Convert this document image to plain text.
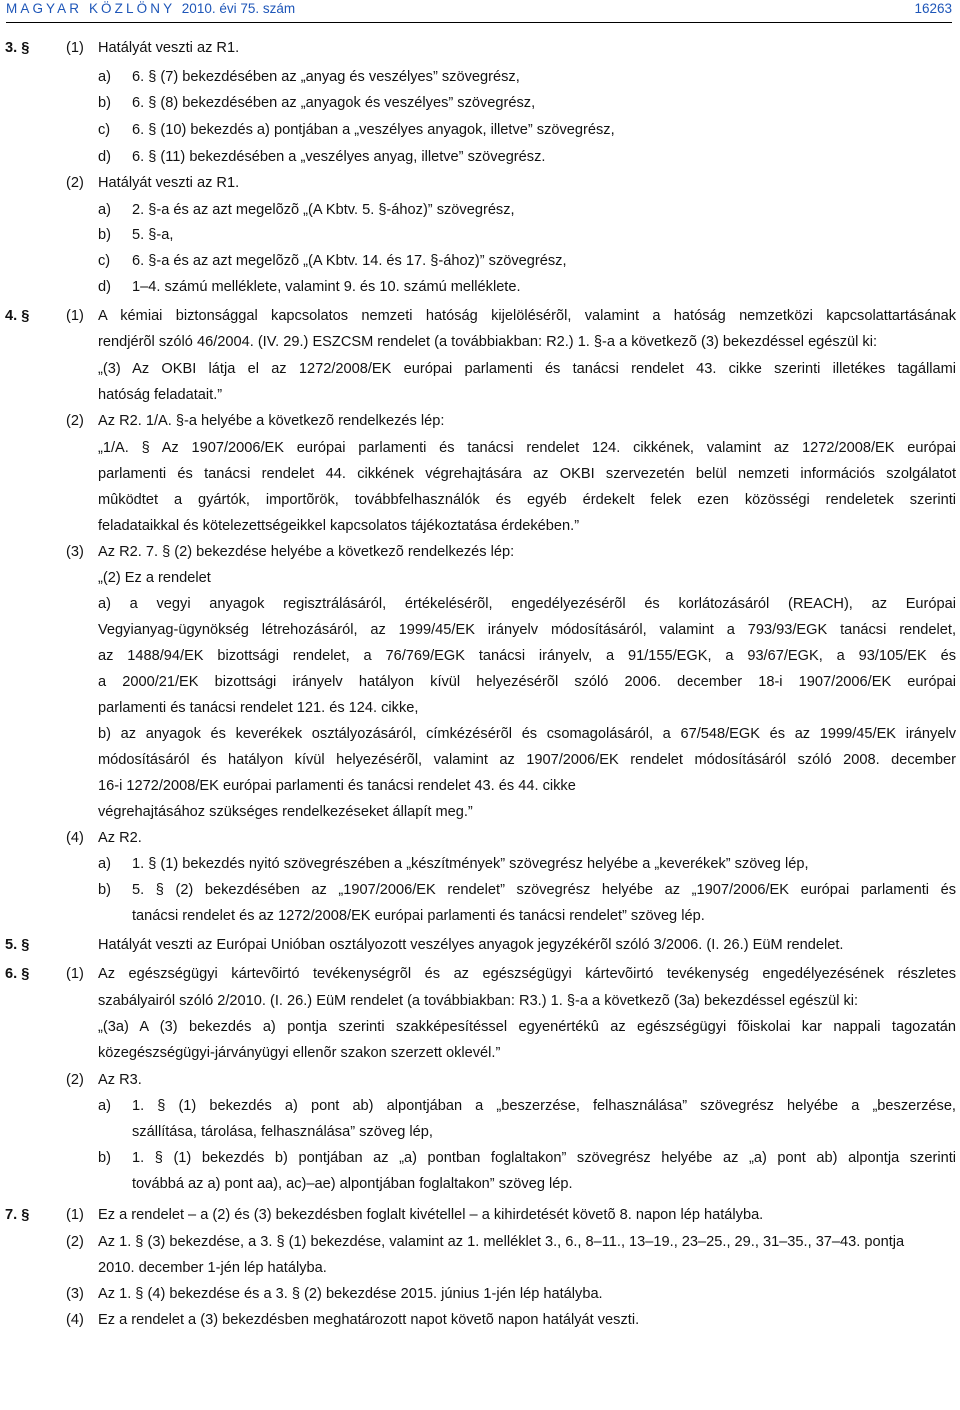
MAGYAR KÖZLÖNY 2010. évi 75. szám	16263
3. §	(1) Hatályát veszti az R1.
a) 6. § (7) bekezdésében az „anyag és veszélyes” szövegrész,
b) 6. § (8) bekezdésében az „anyagok és veszélyes” szövegrész,
c) 6. § (10) bekezdés a) pontjában a „veszélyes anyagok, illetve” szövegrész,
d) 6. § (11) bekezdésében a „veszélyes anyag, illetve” szövegrész.
(2) Hatályát veszti az R1.
a) 2. §-a és az azt megelõzõ „(A Kbtv. 5. §-ához)” szövegrész,
b) 5. §-a,
c) 6. §-a és az azt megelõzõ „(A Kbtv. 14. és 17. §-ához)” szövegrész,
d) 1–4. számú melléklete, valamint 9. és 10. számú melléklete.
4. §	(1) A kémiai biztonsággal kapcsolatos nemzeti hatóság kijelölésérõl, valamint a hatóság nemzetközi kapcsolattartásának
rendjérõl szóló 46/2004. (IV. 29.) ESZCSM rendelet (a továbbiakban: R2.) 1. §-a a következõ (3) bekezdéssel egészül ki:
„(3) Az OKBI látja el az 1272/2008/EK európai parlamenti és tanácsi rendelet 43. cikke szerinti illetékes tagállami
hatóság feladatait.”
(2) Az R2. 1/A. §-a helyébe a következõ rendelkezés lép:
„1/A. § Az 1907/2006/EK európai parlamenti és tanácsi rendelet 124. cikkének, valamint az 1272/2008/EK európai
parlamenti és tanácsi rendelet 44. cikkének végrehajtására az OKBI szervezetén belül nemzeti információs szolgálatot
mûködtet a gyártók, importõrök, továbbfelhasználók és egyéb érdekelt felek ezen közösségi rendeletek szerinti
feladataikkal és kötelezettségeikkel kapcsolatos tájékoztatása érdekében.”
(3) Az R2. 7. § (2) bekezdése helyébe a következõ rendelkezés lép:
„(2) Ez a rendelet
a) a vegyi anyagok regisztrálásáról, értékelésérõl, engedélyezésérõl és korlátozásáról (REACH), az Európai
Vegyianyag-ügynökség létrehozásáról, az 1999/45/EK irányelv módosításáról, valamint a 793/93/EGK tanácsi rendelet,
az 1488/94/EK bizottsági rendelet, a 76/769/EGK tanácsi irányelv, a 91/155/EGK, a 93/67/EGK, a 93/105/EK és
a 2000/21/EK bizottsági irányelv hatályon kívül helyezésérõl szóló 2006. december 18-i 1907/2006/EK európai
parlamenti és tanácsi rendelet 121. és 124. cikke,
b) az anyagok és keverékek osztályozásáról, címkézésérõl és csomagolásáról, a 67/548/EGK és az 1999/45/EK irányelv
módosításáról és hatályon kívül helyezésérõl, valamint az 1907/2006/EK rendelet módosításáról szóló 2008. december
16-i 1272/2008/EK európai parlamenti és tanácsi rendelet 43. és 44. cikke
végrehajtásához szükséges rendelkezéseket állapít meg.”
(4) Az R2.
a) 1. § (1) bekezdés nyitó szövegrészében a „készítmények” szövegrész helyébe a „keverékek” szöveg lép,
b) 5. § (2) bekezdésében az „1907/2006/EK rendelet” szövegrész helyébe az „1907/2006/EK európai parlamenti és
tanácsi rendelet és az 1272/2008/EK európai parlamenti és tanácsi rendelet” szöveg lép.
5. §	Hatályát veszti az Európai Unióban osztályozott veszélyes anyagok jegyzékérõl szóló 3/2006. (I. 26.) EüM rendelet.
6. §	(1) Az egészségügyi kártevõirtó tevékenységrõl és az egészségügyi kártevõirtó tevékenység engedélyezésének részletes
szabályairól szóló 2/2010. (I. 26.) EüM rendelet (a továbbiakban: R3.) 1. §-a a következõ (3a) bekezdéssel egészül ki:
„(3a) A (3) bekezdés a) pontja szerinti szakképesítéssel egyenértékû az egészségügyi fõiskolai kar nappali tagozatán
közegészségügyi-járványügyi ellenõr szakon szerzett oklevél.”
(2) Az R3.
a) 1. § (1) bekezdés a) pont ab) alpontjában a „beszerzése, felhasználása” szövegrész helyébe a „beszerzése,
szállítása, tárolása, felhasználása” szöveg lép,
b) 1. § (1) bekezdés b) pontjában az „a) pontban foglaltakon” szövegrész helyébe az „a) pont ab) alpontja szerinti
továbbá az a) pont aa), ac)–ae) alpontjában foglaltakon” szöveg lép.
7. §	(1) Ez a rendelet – a (2) és (3) bekezdésben foglalt kivétellel – a kihirdetését követõ 8. napon lép hatályba.
(2) Az 1. § (3) bekezdése, a 3. § (1) bekezdése, valamint az 1. melléklet 3., 6., 8–11., 13–19., 23–25., 29., 31–35., 37–43. pontja
2010. december 1-jén lép hatályba.
(3) Az 1. § (4) bekezdése és a 3. § (2) bekezdése 2015. június 1-jén lép hatályba.
(4) Ez a rendelet a (3) bekezdésben meghatározott napot követõ napon hatályát veszti.
